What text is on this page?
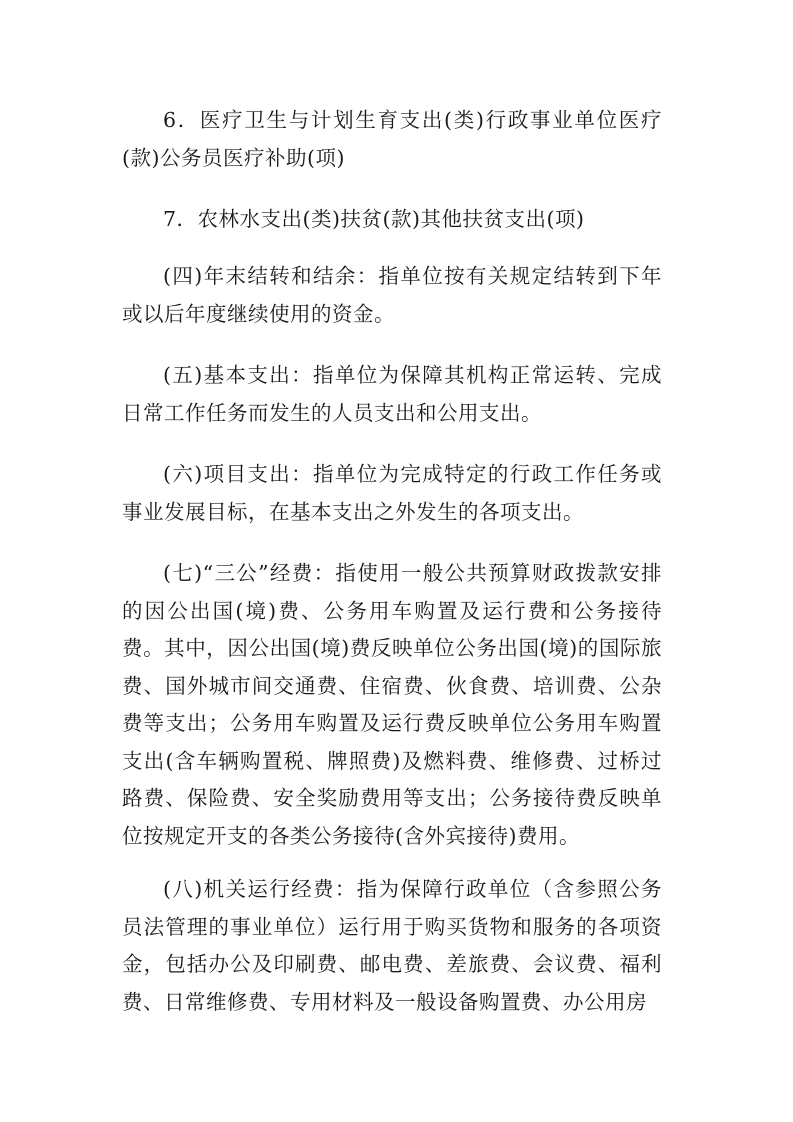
6．医疗卫生与计划生育支出(类)行政事业单位医疗(款)公务员医疗补助(项)

7．农林水支出(类)扶贫(款)其他扶贫支出(项)

(四)年末结转和结余：指单位按有关规定结转到下年或以后年度继续使用的资金。

(五)基本支出：指单位为保障其机构正常运转、完成日常工作任务而发生的人员支出和公用支出。

(六)项目支出：指单位为完成特定的行政工作任务或事业发展目标，在基本支出之外发生的各项支出。

(七)“三公”经费：指使用一般公共预算财政拨款安排的因公出国(境)费、公务用车购置及运行费和公务接待费。其中，因公出国(境)费反映单位公务出国(境)的国际旅费、国外城市间交通费、住宿费、伙食费、培训费、公杂费等支出；公务用车购置及运行费反映单位公务用车购置支出(含车辆购置税、牌照费)及燃料费、维修费、过桥过路费、保险费、安全奖励费用等支出；公务接待费反映单位按规定开支的各类公务接待(含外宾接待)费用。

(八)机关运行经费：指为保障行政单位（含参照公务员法管理的事业单位）运行用于购买货物和服务的各项资金，包括办公及印刷费、邮电费、差旅费、会议费、福利费、日常维修费、专用材料及一般设备购置费、办公用房
